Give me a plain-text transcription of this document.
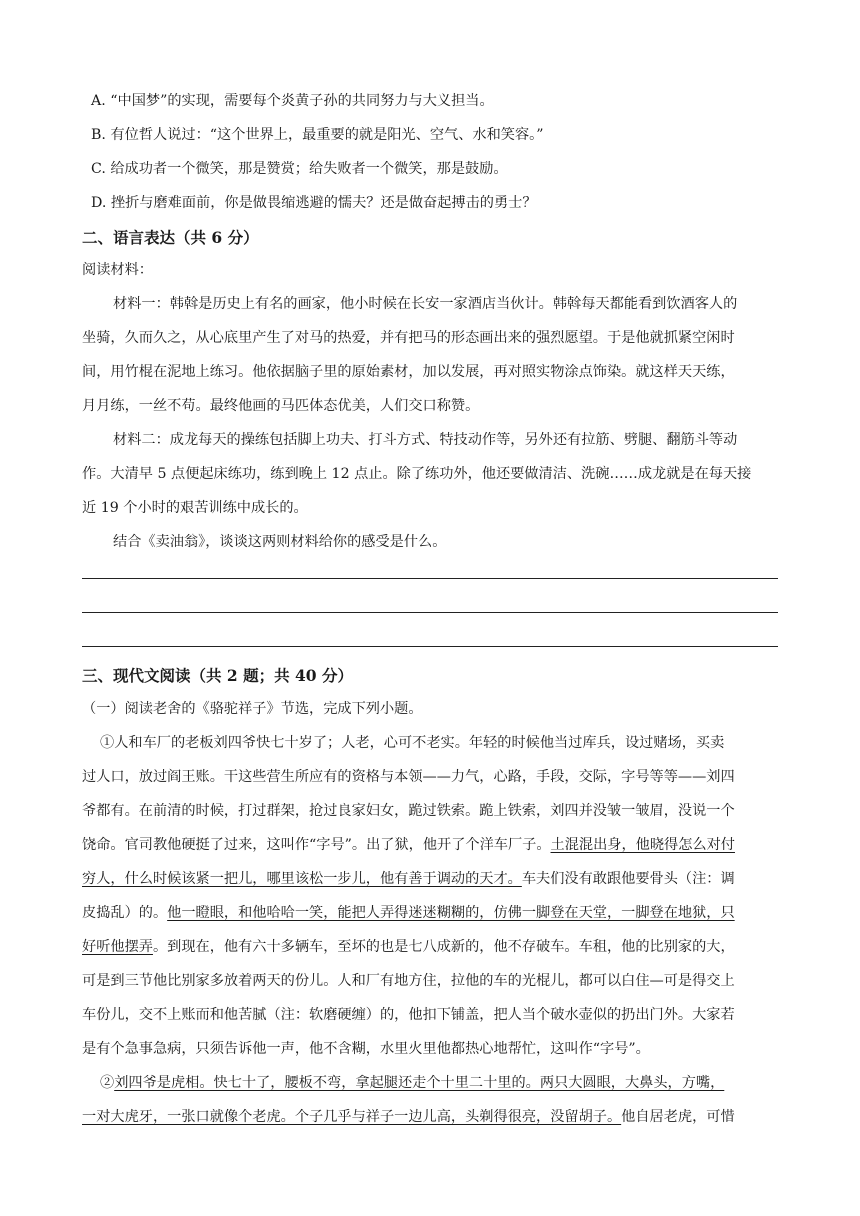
A. “中国梦”的实现，需要每个炎黄子孙的共同努力与大义担当。
B. 有位哲人说过：“这个世界上，最重要的就是阳光、空气、水和笑容。”
C. 给成功者一个微笑，那是赞赏；给失败者一个微笑，那是鼓励。
D. 挫折与磨难面前，你是做畏缩逃避的懦夫？还是做奋起搏击的勇士？
二、语言表达（共 6 分）
阅读材料：
材料一：韩斡是历史上有名的画家，他小时候在长安一家酒店当伙计。韩斡每天都能看到饮酒客人的
坐骑，久而久之，从心底里产生了对马的热爱，并有把马的形态画出来的强烈愿望。于是他就抓紧空闲时
间，用竹棍在泥地上练习。他依据脑子里的原始素材，加以发展，再对照实物涂点饰染。就这样天天练，
月月练，一丝不苟。最终他画的马匹体态优美，人们交口称赞。
材料二：成龙每天的操练包括脚上功夫、打斗方式、特技动作等，另外还有拉筋、劈腿、翻筋斗等动
作。大清早 5 点便起床练功，练到晚上 12 点止。除了练功外，他还要做清洁、洗碗……成龙就是在每天接
近 19 个小时的艰苦训练中成长的。
结合《卖油翁》，谈谈这两则材料给你的感受是什么。
三、现代文阅读（共 2 题；共 40 分）
（一）阅读老舍的《骆驼祥子》节选，完成下列小题。
①人和车厂的老板刘四爷快七十岁了；人老，心可不老实。年轻的时候他当过库兵，设过赌场，买卖
过人口，放过阎王账。干这些营生所应有的资格与本领——力气，心路，手段，交际，字号等等——刘四
爷都有。在前清的时候，打过群架，抢过良家妇女，跪过铁索。跪上铁索，刘四并没皱一皱眉，没说一个
饶命。官司教他硬挺了过来，这叫作“字号”。出了狱，他开了个洋车厂子。土混混出身，他晓得怎么对付
穷人，什么时候该紧一把儿，哪里该松一步儿，他有善于调动的天才。车夫们没有敢跟他要骨头（注：调
皮捣乱）的。他一瞪眼，和他哈哈一笑，能把人弄得迷迷糊糊的，仿佛一脚登在天堂，一脚登在地狱，只
好听他摆弄。到现在，他有六十多辆车，至坏的也是七八成新的，他不存破车。车租，他的比别家的大，
可是到三节他比别家多放着两天的份儿。人和厂有地方住，拉他的车的光棍儿，都可以白住—可是得交上
车份儿，交不上账而和他苦腻（注：软磨硬缠）的，他扣下铺盖，把人当个破水壶似的扔出门外。大家若
是有个急事急病，只须告诉他一声，他不含糊，水里火里他都热心地帮忙，这叫作“字号”。
②刘四爷是虎相。快七十了，腰板不弯，拿起腿还走个十里二十里的。两只大圆眼，大鼻头，方嘴，
一对大虎牙，一张口就像个老虎。个子几乎与祥子一边儿高，头剃得很亮，没留胡子。他自居老虎，可惜
